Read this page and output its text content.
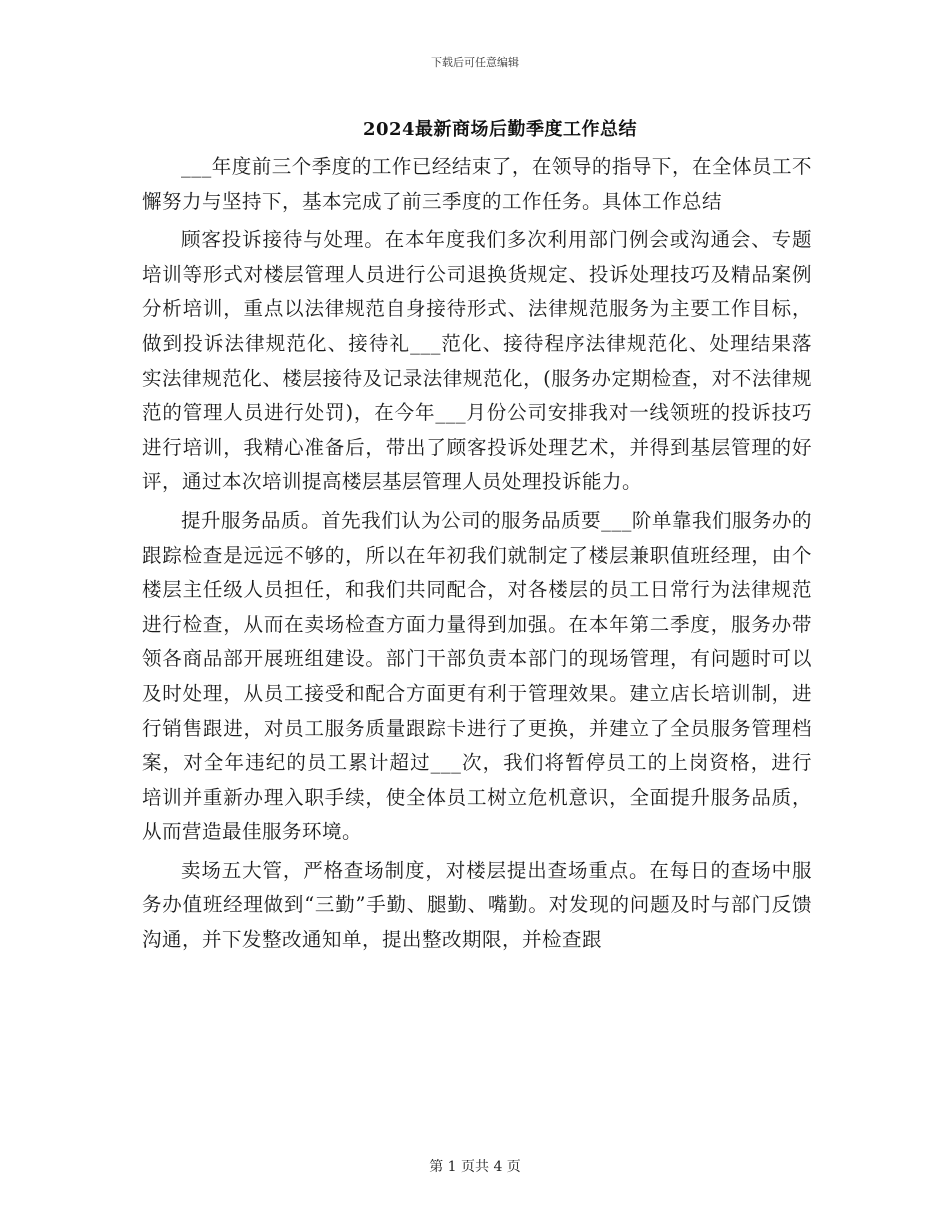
下载后可任意编辑
2024最新商场后勤季度工作总结

___年度前三个季度的工作已经结束了，在领导的指导下，在全体员工不懈努力与坚持下，基本完成了前三季度的工作任务。具体工作总结

顾客投诉接待与处理。在本年度我们多次利用部门例会或沟通会、专题培训等形式对楼层管理人员进行公司退换货规定、投诉处理技巧及精品案例分析培训，重点以法律规范自身接待形式、法律规范服务为主要工作目标，做到投诉法律规范化、接待礼___范化、接待程序法律规范化、处理结果落实法律规范化、楼层接待及记录法律规范化，(服务办定期检查，对不法律规范的管理人员进行处罚)，在今年___月份公司安排我对一线领班的投诉技巧进行培训，我精心准备后，带出了顾客投诉处理艺术，并得到基层管理的好评，通过本次培训提高楼层基层管理人员处理投诉能力。

提升服务品质。首先我们认为公司的服务品质要___阶单靠我们服务办的跟踪检查是远远不够的，所以在年初我们就制定了楼层兼职值班经理，由个楼层主任级人员担任，和我们共同配合，对各楼层的员工日常行为法律规范进行检查，从而在卖场检查方面力量得到加强。在本年第二季度，服务办带领各商品部开展班组建设。部门干部负责本部门的现场管理，有问题时可以及时处理，从员工接受和配合方面更有利于管理效果。建立店长培训制，进行销售跟进，对员工服务质量跟踪卡进行了更换，并建立了全员服务管理档案，对全年违纪的员工累计超过___次，我们将暂停员工的上岗资格，进行培训并重新办理入职手续，使全体员工树立危机意识，全面提升服务品质，从而营造最佳服务环境。

卖场五大管，严格查场制度，对楼层提出查场重点。在每日的查场中服务办值班经理做到“三勤”手勤、腿勤、嘴勤。对发现的问题及时与部门反馈沟通，并下发整改通知单，提出整改期限，并检查跟

第 1 页共 4 页
